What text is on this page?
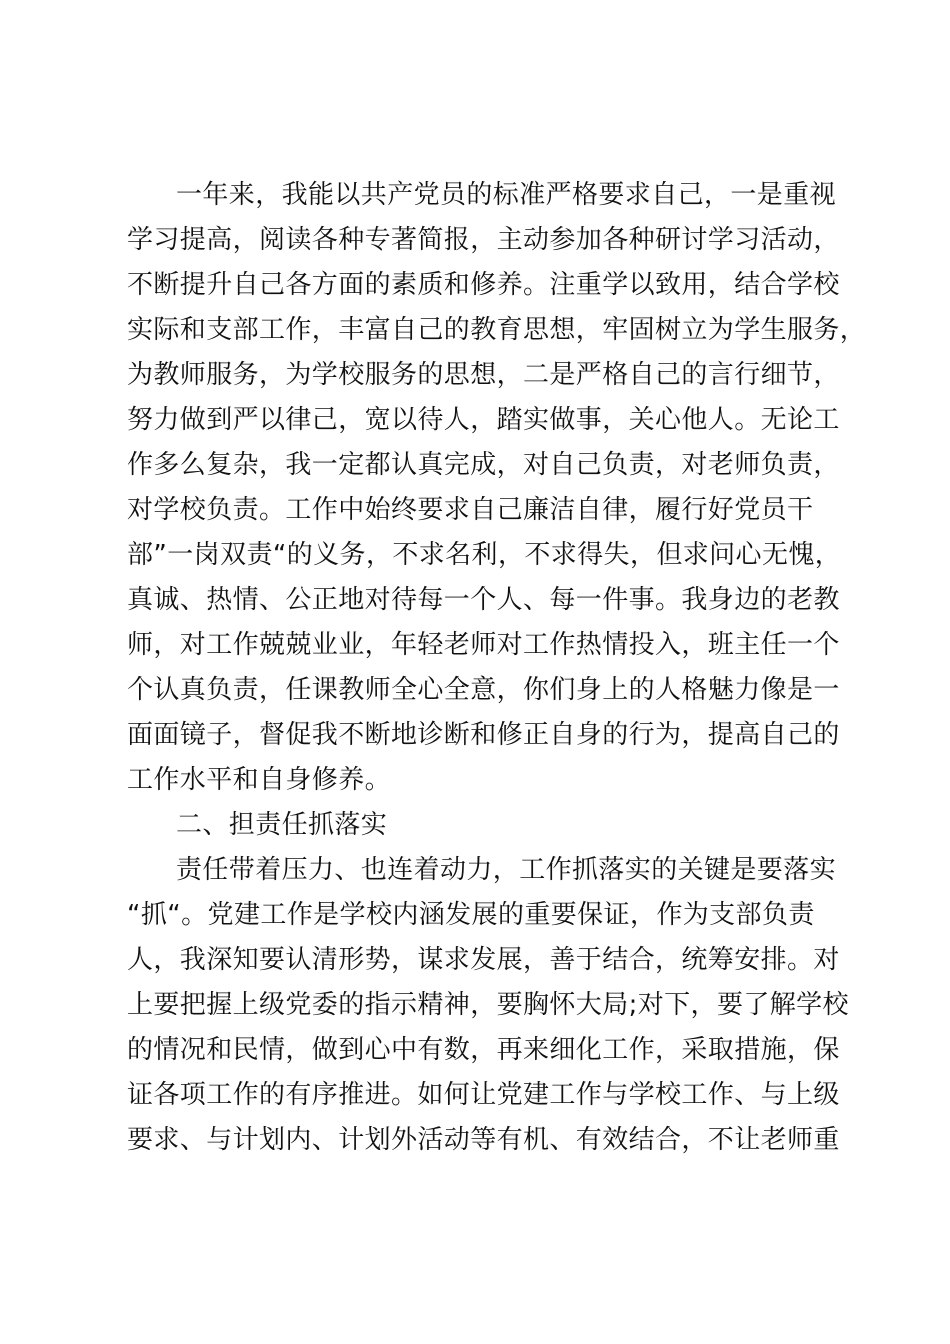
一年来，我能以共产党员的标准严格要求自己，一是重视
学习提高，阅读各种专著简报，主动参加各种研讨学习活动，
不断提升自己各方面的素质和修养。注重学以致用，结合学校
实际和支部工作，丰富自己的教育思想，牢固树立为学生服务，
为教师服务，为学校服务的思想，二是严格自己的言行细节，
努力做到严以律己，宽以待人，踏实做事，关心他人。无论工
作多么复杂，我一定都认真完成，对自己负责，对老师负责，
对学校负责。工作中始终要求自己廉洁自律，履行好党员干
部”一岗双责“的义务，不求名利，不求得失，但求问心无愧，
真诚、热情、公正地对待每一个人、每一件事。我身边的老教
师，对工作兢兢业业，年轻老师对工作热情投入，班主任一个
个认真负责，任课教师全心全意，你们身上的人格魅力像是一
面面镜子，督促我不断地诊断和修正自身的行为，提高自己的
工作水平和自身修养。
二、担责任抓落实
责任带着压力、也连着动力，工作抓落实的关键是要落实
“抓“。党建工作是学校内涵发展的重要保证，作为支部负责
人，我深知要认清形势，谋求发展，善于结合，统筹安排。对
上要把握上级党委的指示精神，要胸怀大局;对下，要了解学校
的情况和民情，做到心中有数，再来细化工作，采取措施，保
证各项工作的有序推进。如何让党建工作与学校工作、与上级
要求、与计划内、计划外活动等有机、有效结合，不让老师重
